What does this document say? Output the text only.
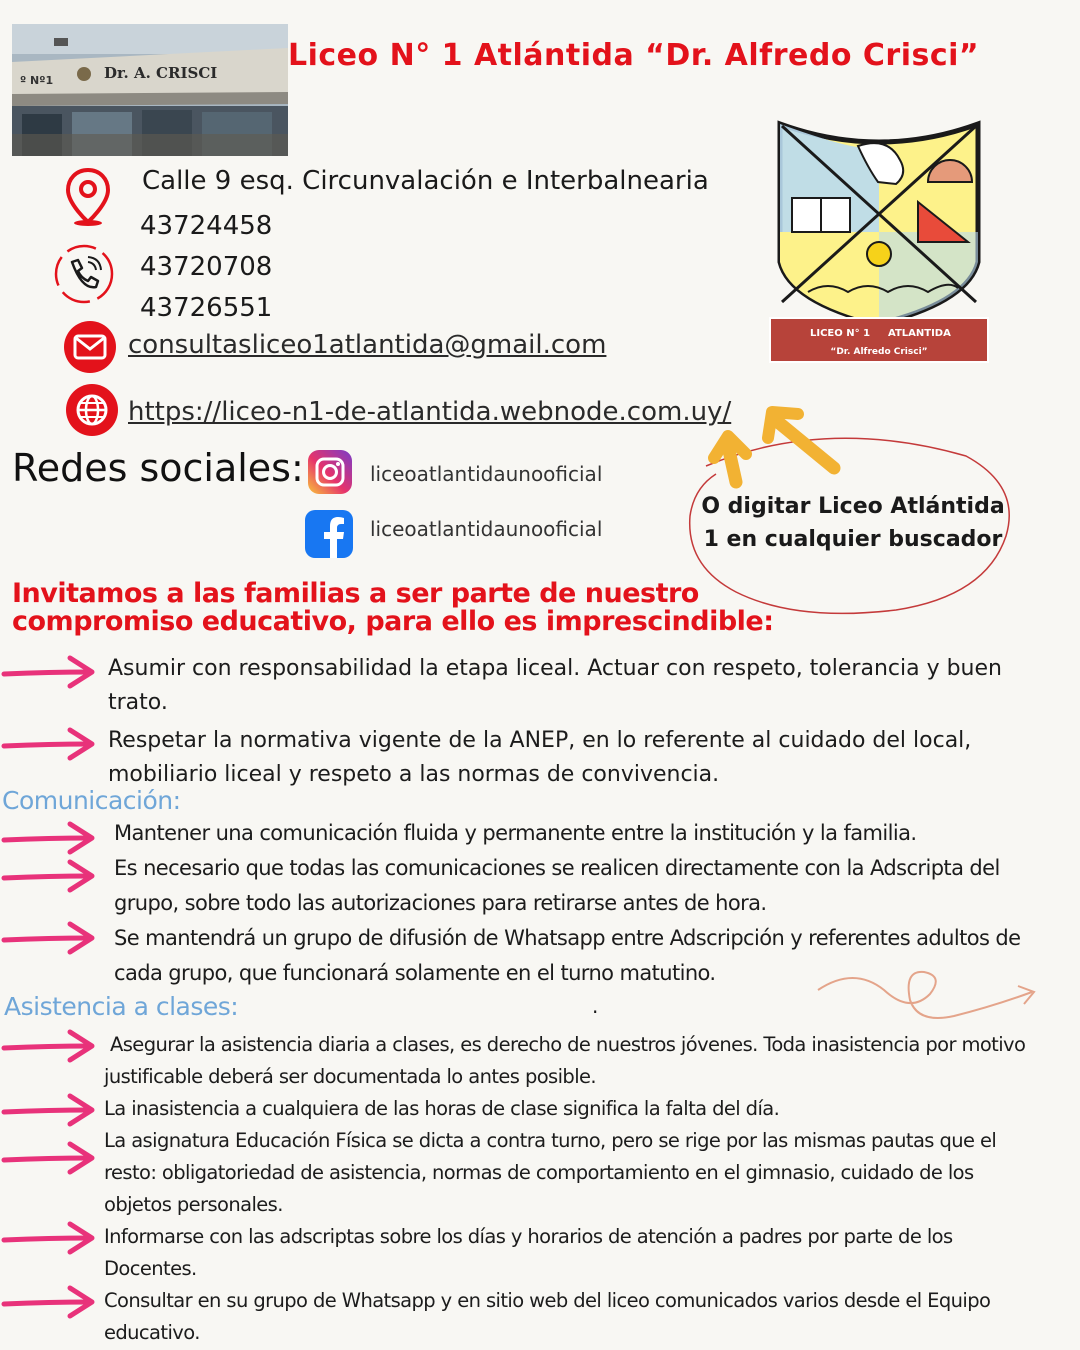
º Nº1	Dr. A. CRISCI Liceo N° 1 Atlántida “Dr. Alfredo Crisci”
LICEO N° 1 ATLANTIDA
“Dr. Alfredo Crisci”
Calle 9 esq. Circunvalación e Interbalnearia
43724458
43720708
43726551
consultasliceo1atlantida@gmail.com
https://liceo-n1-de-atlantida.webnode.com.uy/
Redes sociales:	liceoatlantidaunooficial
liceoatlantidaunooficial
O digitar Liceo Atlántida
1 en cualquier buscador
Invitamos a las familias a ser parte de nuestro
compromiso educativo, para ello es imprescindible:
Asumir con responsabilidad la etapa liceal. Actuar con respeto, tolerancia y buen trato.
Respetar la normativa vigente de la ANEP, en lo referente al cuidado del local, mobiliario liceal y respeto a las normas de convivencia.
Comunicación:
Mantener una comunicación fluida y permanente entre la institución y la familia.
Es necesario que todas las comunicaciones se realicen directamente con la Adscripta del grupo, sobre todo las autorizaciones para retirarse antes de hora.
Se mantendrá un grupo de difusión de Whatsapp entre Adscripción y referentes adultos de cada grupo, que funcionará solamente en el turno matutino.
Asistencia a clases:	.
Asegurar la asistencia diaria a clases, es derecho de nuestros jóvenes. Toda inasistencia por motivo justificable deberá ser documentada lo antes posible.
La inasistencia a cualquiera de las horas de clase significa la falta del día.
La asignatura Educación Física se dicta a contra turno, pero se rige por las mismas pautas que el resto: obligatoriedad de asistencia, normas de comportamiento en el gimnasio, cuidado de los objetos personales.
Informarse con las adscriptas sobre los días y horarios de atención a padres por parte de los Docentes.
Consultar en su grupo de Whatsapp y en sitio web del liceo comunicados varios desde el Equipo educativo.
